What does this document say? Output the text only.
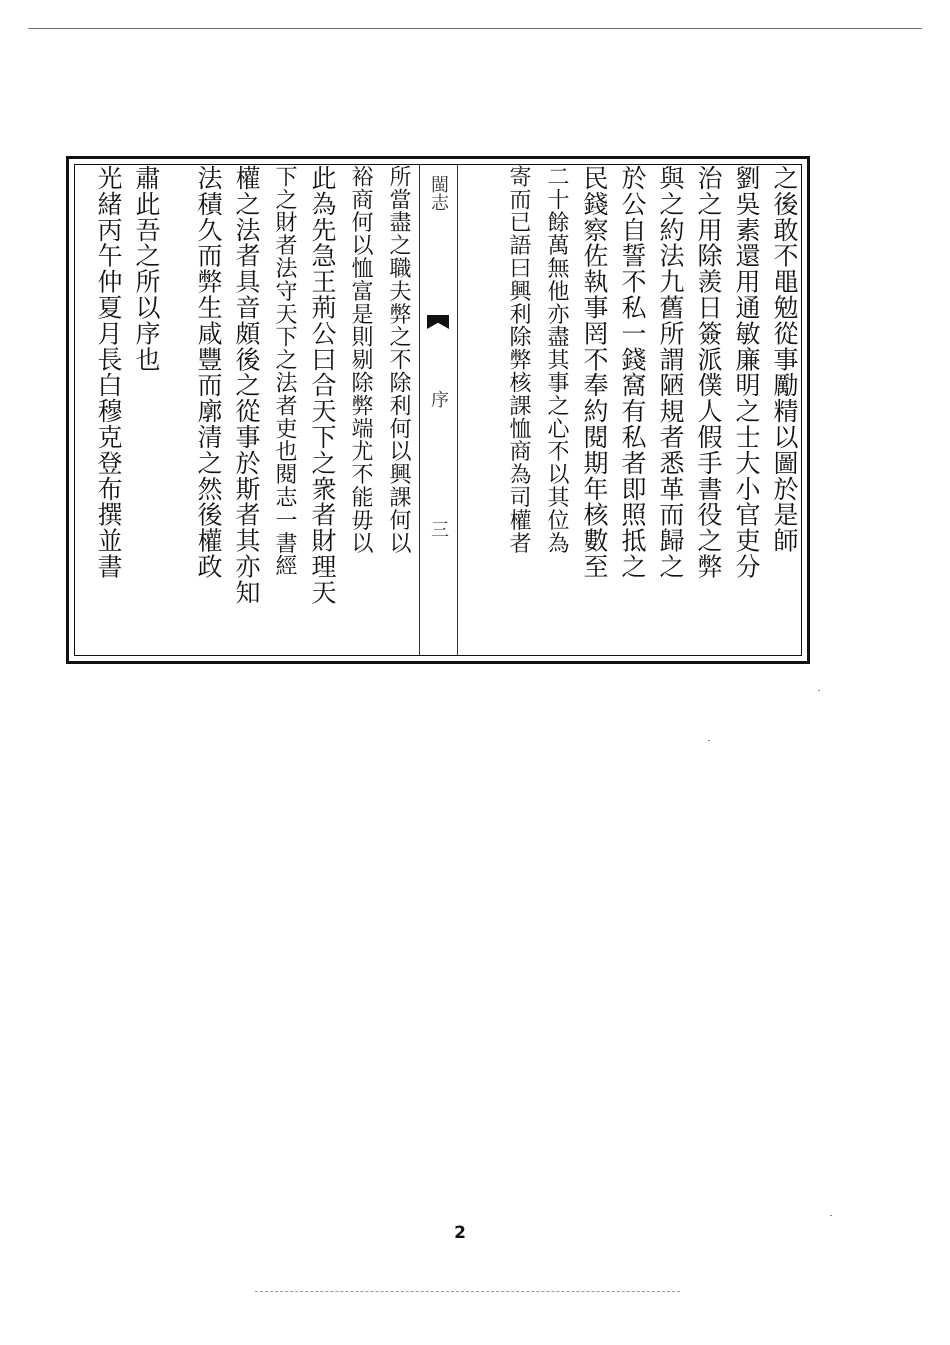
之後敢不黽勉從事勵精以圖於是師
劉吳素還用通敏廉明之士大小官吏分
治之用除羨日簽派僕人假手書役之弊
與之約法九舊所謂陋規者悉革而歸之
於公自誓不私一錢窩有私者即照抵之
民錢察佐執事罔不奉約閱期年核數至
二十餘萬無他亦盡其事之心不以其位為
寄而已語曰興利除弊核課恤商為司權者
閩志
序
三
所當盡之職夫弊之不除利何以興課何以
裕商何以恤富是則剔除弊端尤不能毋以
此為先急王荊公曰合天下之衆者財理天
下之財者法守天下之法者吏也閱志一書經
權之法者具音頗後之從事於斯者其亦知
法積久而弊生咸豐而廓清之然後權政
肅此吾之所以序也
光緒丙午仲夏月長白穆克登布撰並書
2
